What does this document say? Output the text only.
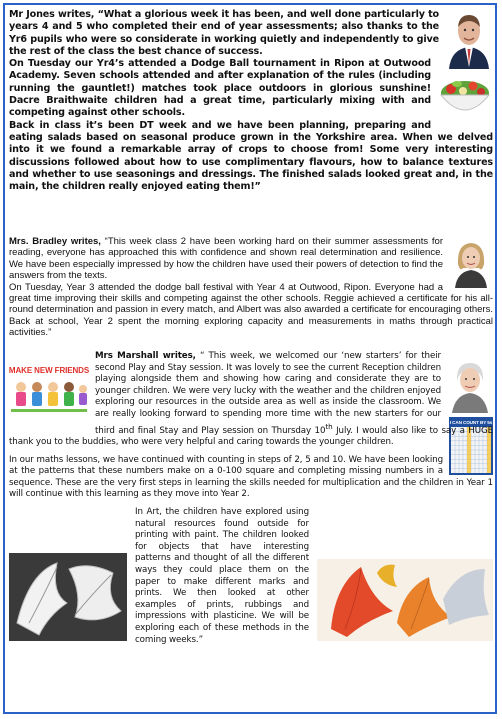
Mr Jones writes, “What a glorious week it has been, and well done particularly to years 4 and 5 who completed their end of year assessments; also thanks to the Yr6 pupils who were so considerate in working quietly and independently to give the rest of the class the best chance of success.

On Tuesday our Yr4’s attended a Dodge Ball tournament in Ripon at Outwood Academy. Seven schools attended and after explanation of the rules (including running the gauntlet!) matches took place outdoors in glorious sunshine! Dacre Braithwaite children had a great time, particularly mixing with and competing against other schools.

Back in class it’s been DT week and we have been planning, preparing and eating salads based on seasonal produce grown in the Yorkshire area. When we delved into it we found a remarkable array of crops to choose from! Some very interesting discussions followed about how to use complimentary flavours, how to balance textures and whether to use seasonings and dressings. The finished salads looked great and, in the main, the children really enjoyed eating them!”

Mrs. Bradley writes, “This week class 2 have been working hard on their summer assessments for reading, everyone has approached this with confidence and shown real determination and resilience. We have been especially impressed by how the children have used their powers of detection to find the answers from the texts.

On Tuesday, Year 3 attended the dodge ball festival with Year 4 at Outwood, Ripon. Everyone had a great time improving their skills and competing against the other schools. Reggie achieved a certificate for his all-round determination and passion in every match, and Albert was also awarded a certificate for encouraging others. Back at school, Year 2 spent the morning exploring capacity and measurements in maths through practical activities.”

MAKE NEW FRIENDS

Mrs Marshall writes, “ This week, we welcomed our ‘new starters’ for their second Play and Stay session. It was lovely to see the current Reception children playing alongside them and showing how caring and considerate they are to younger children. We were very lucky with the weather and the children enjoyed exploring our resources in the outside area as well as inside the classroom. We are really looking forward to spending more time with the new starters for our third and final Stay and Play session on Thursday 10th July. I would also like to say a HUGE thank you to the buddies, who were very helpful and caring towards the younger children.

I CAN COUNT BY 5s

In our maths lessons, we have continued with counting in steps of 2, 5 and 10. We have been looking at the patterns that these numbers make on a 0-100 square and completing missing numbers in a sequence. These are the very first steps in learning the skills needed for multiplication and the children in Year 1 will continue with this learning as they move into Year 2.

In Art, the children have explored using natural resources found outside for printing with paint. The children looked for objects that have interesting patterns and thought of all the different ways they could place them on the paper to make different marks and prints. We then looked at other examples of prints, rubbings and impressions with plasticine. We will be exploring each of these methods in the coming weeks.”
